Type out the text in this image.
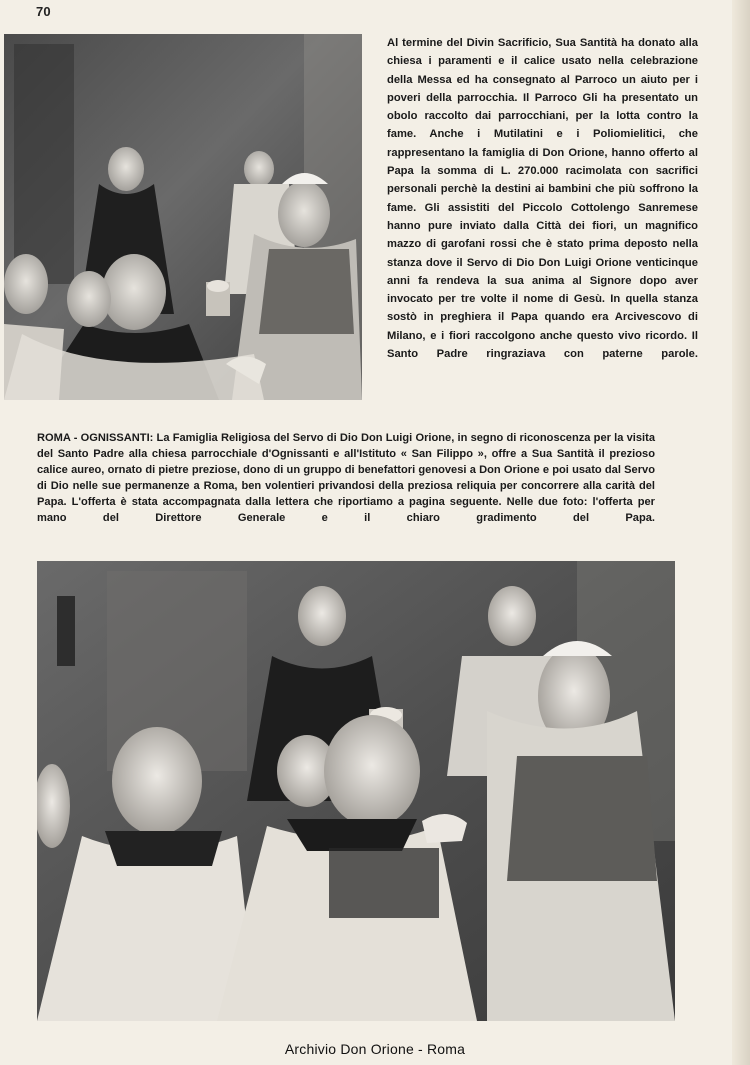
70
Al termine del Divin Sacrificio, Sua Santità ha donato alla chiesa i paramenti e il calice usato nella celebrazione della Messa ed ha consegnato al Parroco un aiuto per i poveri della parrocchia. Il Parroco Gli ha presentato un obolo raccolto dai parrocchiani, per la lotta contro la fame. Anche i Mutilatini e i Poliomielitici, che rappresentano la famiglia di Don Orione, hanno offerto al Papa la somma di L. 270.000 racimolata con sacrifici personali perchè la destini ai bambini che più soffrono la fame. Gli assistiti del Piccolo Cottolengo Sanremese hanno pure inviato dalla Città dei fiori, un magnifico mazzo di garofani rossi che è stato prima deposto nella stanza dove il Servo di Dio Don Luigi Orione venticinque anni fa rendeva la sua anima al Signore dopo aver invocato per tre volte il nome di Gesù. In quella stanza sostò in preghiera il Papa quando era Arcivescovo di Milano, e i fiori raccolgono anche questo vivo ricordo. Il Santo Padre ringraziava con paterne parole.
ROMA - OGNISSANTI: La Famiglia Religiosa del Servo di Dio Don Luigi Orione, in segno di riconoscenza per la visita del Santo Padre alla chiesa parrocchiale d'Ognissanti e all'Istituto « San Filippo », offre a Sua Santità il prezioso calice aureo, ornato di pietre preziose, dono di un gruppo di benefattori genovesi a Don Orione e poi usato dal Servo di Dio nelle sue permanenze a Roma, ben volentieri privandosi della preziosa reliquia per concorrere alla carità del Papa. L'offerta è stata accompagnata dalla lettera che riportiamo a pagina seguente. Nelle due foto: l'offerta per mano del Direttore Generale e il chiaro gradimento del Papa.
Archivio Don Orione - Roma
